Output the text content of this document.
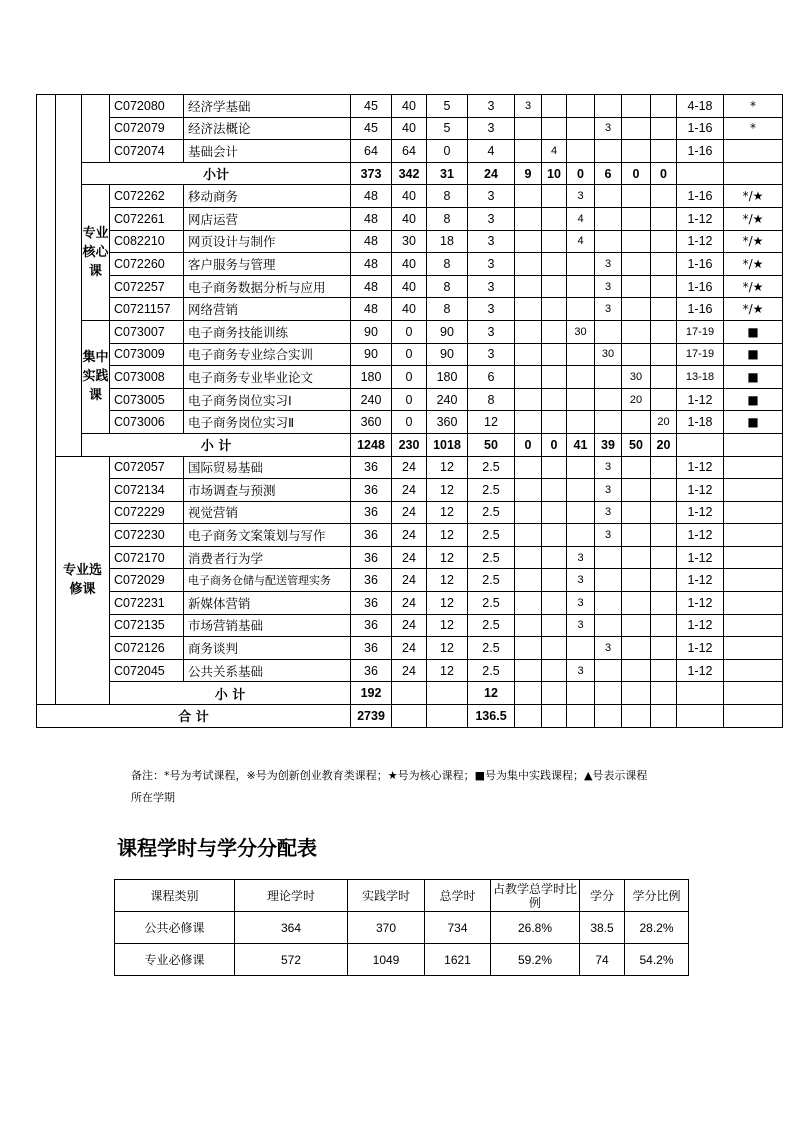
			C072080	经济学基础	45	40	5	3	3						4-18	*
			C072079	经济法概论	45	40	5	3				3			1-16	*
			C072074	基础会计	64	64	0	4		4					1-16	
		小计			373	342	31	24	9	10	0	6	0	0		
		专业核心课	C072262	移动商务	48	40	8	3			3				1-16	*/★
			C072261	网店运营	48	40	8	3			4				1-12	*/★
			C082210	网页设计与制作	48	30	18	3			4				1-12	*/★
			C072260	客户服务与管理	48	40	8	3				3			1-16	*/★
			C072257	电子商务数据分析与应用	48	40	8	3				3			1-16	*/★
			C0721157	网络营销	48	40	8	3				3			1-16	*/★
		集中实践课	C073007	电子商务技能训练	90	0	90	3			30				17-19	■
			C073009	电子商务专业综合实训	90	0	90	3				30			17-19	■
			C073008	电子商务专业毕业论文	180	0	180	6					30		13-18	■
			C073005	电子商务岗位实习Ⅰ	240	0	240	8					20		1-12	■
			C073006	电子商务岗位实习Ⅱ	360	0	360	12						20	1-18	■
		小 计			1248	230	1018	50	0	0	41	39	50	20		
	专业选修课		C072057	国际贸易基础	36	24	12	2.5				3			1-12	
			C072134	市场调查与预测	36	24	12	2.5				3			1-12	
			C072229	视觉营销	36	24	12	2.5				3			1-12	
			C072230	电子商务文案策划与写作	36	24	12	2.5				3			1-12	
			C072170	消费者行为学	36	24	12	2.5			3				1-12	
			C072029	电子商务仓储与配送管理实务	36	24	12	2.5			3				1-12	
			C072231	新媒体营销	36	24	12	2.5			3				1-12	
			C072135	市场营销基础	36	24	12	2.5			3				1-12	
			C072126	商务谈判	36	24	12	2.5				3			1-12	
			C072045	公共关系基础	36	24	12	2.5			3				1-12	
			小 计		192			12								
合 计					2739			136.5								
备注：*号为考试课程，※号为创新创业教育类课程；★号为核心课程；■号为集中实践课程；▲号表示课程所在学期
课程学时与学分分配表
课程类别	理论学时	实践学时	总学时	占教学总学时比例	学分	学分比例
公共必修课	364	370	734	26.8%	38.5	28.2%
专业必修课	572	1049	1621	59.2%	74	54.2%
